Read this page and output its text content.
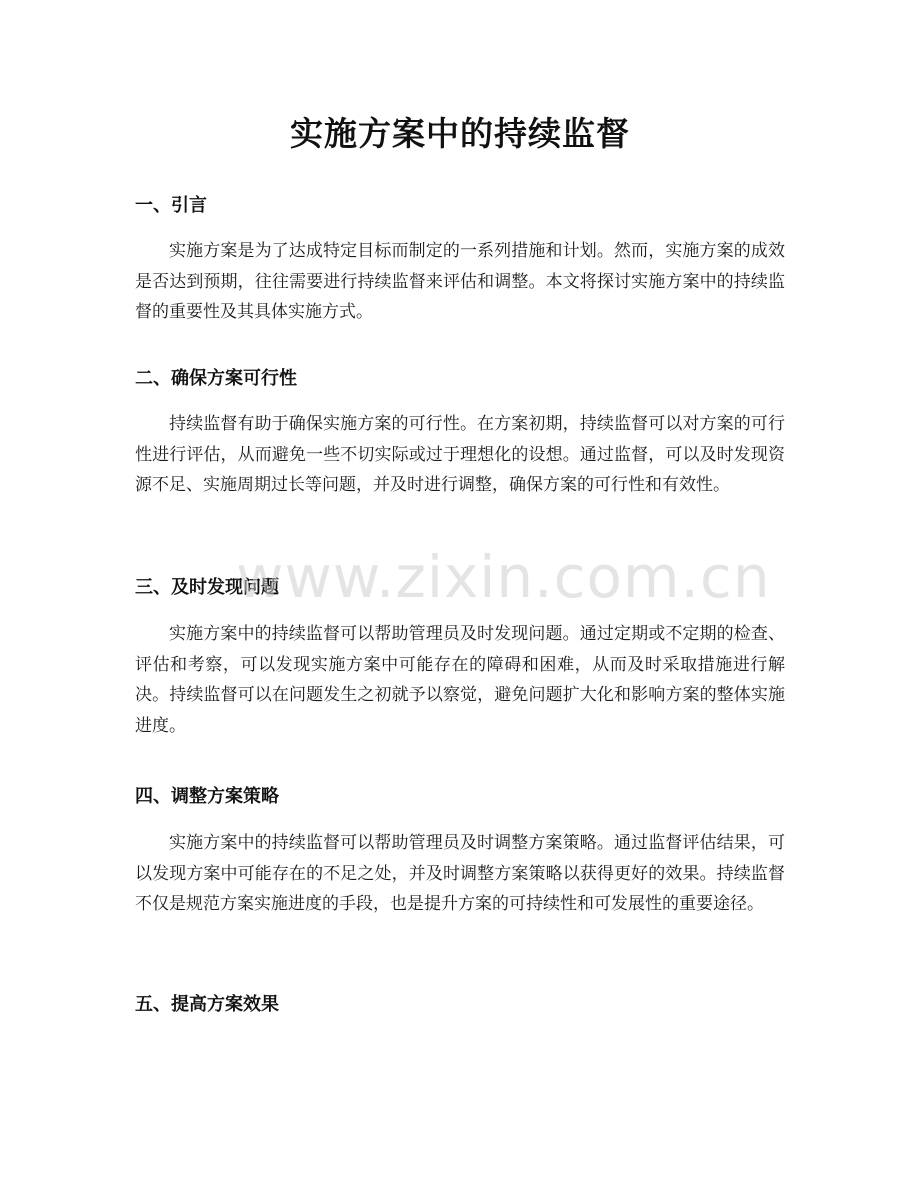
实施方案中的持续监督
一、引言

实施方案是为了达成特定目标而制定的一系列措施和计划。然而，实施方案的成效是否达到预期，往往需要进行持续监督来评估和调整。本文将探讨实施方案中的持续监督的重要性及其具体实施方式。

二、确保方案可行性

持续监督有助于确保实施方案的可行性。在方案初期，持续监督可以对方案的可行性进行评估，从而避免一些不切实际或过于理想化的设想。通过监督，可以及时发现资源不足、实施周期过长等问题，并及时进行调整，确保方案的可行性和有效性。

三、及时发现问题

实施方案中的持续监督可以帮助管理员及时发现问题。通过定期或不定期的检查、评估和考察，可以发现实施方案中可能存在的障碍和困难，从而及时采取措施进行解决。持续监督可以在问题发生之初就予以察觉，避免问题扩大化和影响方案的整体实施进度。

四、调整方案策略

实施方案中的持续监督可以帮助管理员及时调整方案策略。通过监督评估结果，可以发现方案中可能存在的不足之处，并及时调整方案策略以获得更好的效果。持续监督不仅是规范方案实施进度的手段，也是提升方案的可持续性和可发展性的重要途径。

五、提高方案效果
www.zixin.com.cn
